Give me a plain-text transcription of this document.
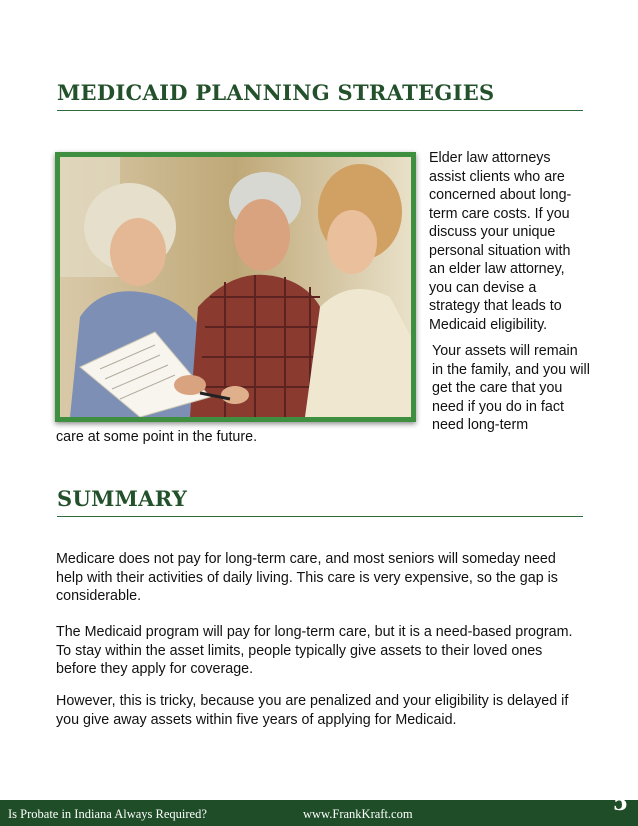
MEDICAID PLANNING STRATEGIES

Elder law attorneys assist clients who are concerned about long-term care costs. If you discuss your unique personal situation with an elder law attorney, you can devise a strategy that leads to Medicaid eligibility.

Your assets will remain in the family, and you will get the care that you need if you do in fact need long-term

care at some point in the future.

SUMMARY

Medicare does not pay for long-term care, and most seniors will someday need help with their activities of daily living. This care is very expensive, so the gap is considerable.

The Medicaid program will pay for long-term care, but it is a need-based program. To stay within the asset limits, people typically give assets to their loved ones before they apply for coverage.

However, this is tricky, because you are penalized and your eligibility is delayed if you give away assets within five years of applying for Medicaid.

Is Probate in Indiana Always Required?	www.FrankKraft.com	5
